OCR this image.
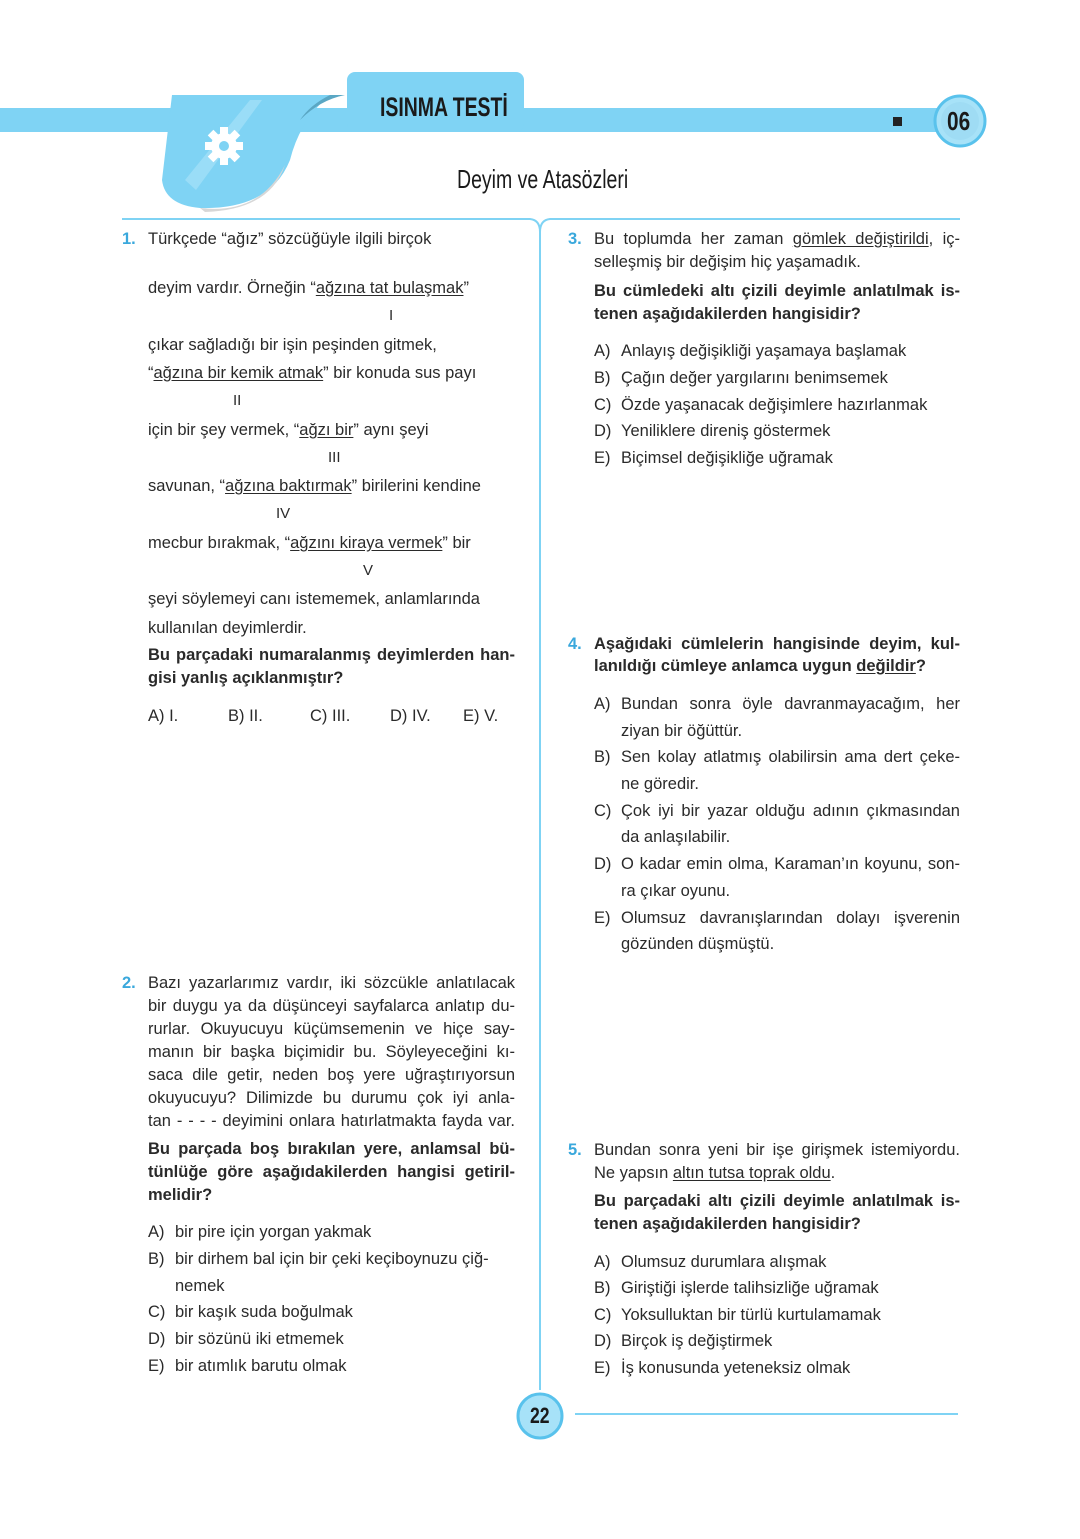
ISINMA TESTİ	06
Deyim ve Atasözleri
22
1. Türkçede “ağız” sözcüğüyle ilgili birçok
deyim vardır. Örneğin “ağzına tat bulaşmak”
I
çıkar sağladığı bir işin peşinden gitmek,
“ağzına bir kemik atmak” bir konuda sus payı
II
için bir şey vermek, “ağzı bir” aynı şeyi
III
savunan, “ağzına baktırmak” birilerini kendine
IV
mecbur bırakmak, “ağzını kiraya vermek” bir
V
şeyi söylemeyi canı istememek, anlamlarında
kullanılan deyimlerdir.
Bu parçadaki numaralanmış deyimlerden han-
gisi yanlış açıklanmıştır?
A) I.	B) II.	C) III. D) IV. E) V.
2. Bazı yazarlarımız vardır, iki sözcükle anlatılacak
bir duygu ya da düşünceyi sayfalarca anlatıp du-
rurlar. Okuyucuyu küçümsemenin ve hiçe say-
manın bir başka biçimidir bu. Söyleyeceğini kı-
saca dile getir, neden boş yere uğraştırıyorsun
okuyucuyu? Dilimizde bu durumu çok iyi anla-
tan - - - - deyimini onlara hatırlatmakta fayda var.
Bu parçada boş bırakılan yere, anlamsal bü-
tünlüğe göre aşağıdakilerden hangisi getiril-
melidir?
A) bir pire için yorgan yakmak
B) bir dirhem bal için bir çeki keçiboynuzu çiğ-
nemek
C) bir kaşık suda boğulmak
D) bir sözünü iki etmemek
E) bir atımlık barutu olmak
3. Bu toplumda her zaman gömlek değiştirildi, iç-
selleşmiş bir değişim hiç yaşamadık.
Bu cümledeki altı çizili deyimle anlatılmak is-
tenen aşağıdakilerden hangisidir?
A) Anlayış değişikliği yaşamaya başlamak
B) Çağın değer yargılarını benimsemek
C) Özde yaşanacak değişimlere hazırlanmak
D) Yeniliklere direniş göstermek
E) Biçimsel değişikliğe uğramak
4. Aşağıdaki cümlelerin hangisinde deyim, kul-
lanıldığı cümleye anlamca uygun değildir?
A) Bundan sonra öyle davranmayacağım, her
ziyan bir öğüttür.
B) Sen kolay atlatmış olabilirsin ama dert çeke-
ne göredir.
C) Çok iyi bir yazar olduğu adının çıkmasından
da anlaşılabilir.
D) O kadar emin olma, Karaman’ın koyunu, son-
ra çıkar oyunu.
E) Olumsuz davranışlarından dolayı işverenin
gözünden düşmüştü.
5. Bundan sonra yeni bir işe girişmek istemiyordu.
Ne yapsın altın tutsa toprak oldu.
Bu parçadaki altı çizili deyimle anlatılmak is-
tenen aşağıdakilerden hangisidir?
A) Olumsuz durumlara alışmak
B) Giriştiği işlerde talihsizliğe uğramak
C) Yoksulluktan bir türlü kurtulamamak
D) Birçok iş değiştirmek
E) İş konusunda yeteneksiz olmak
